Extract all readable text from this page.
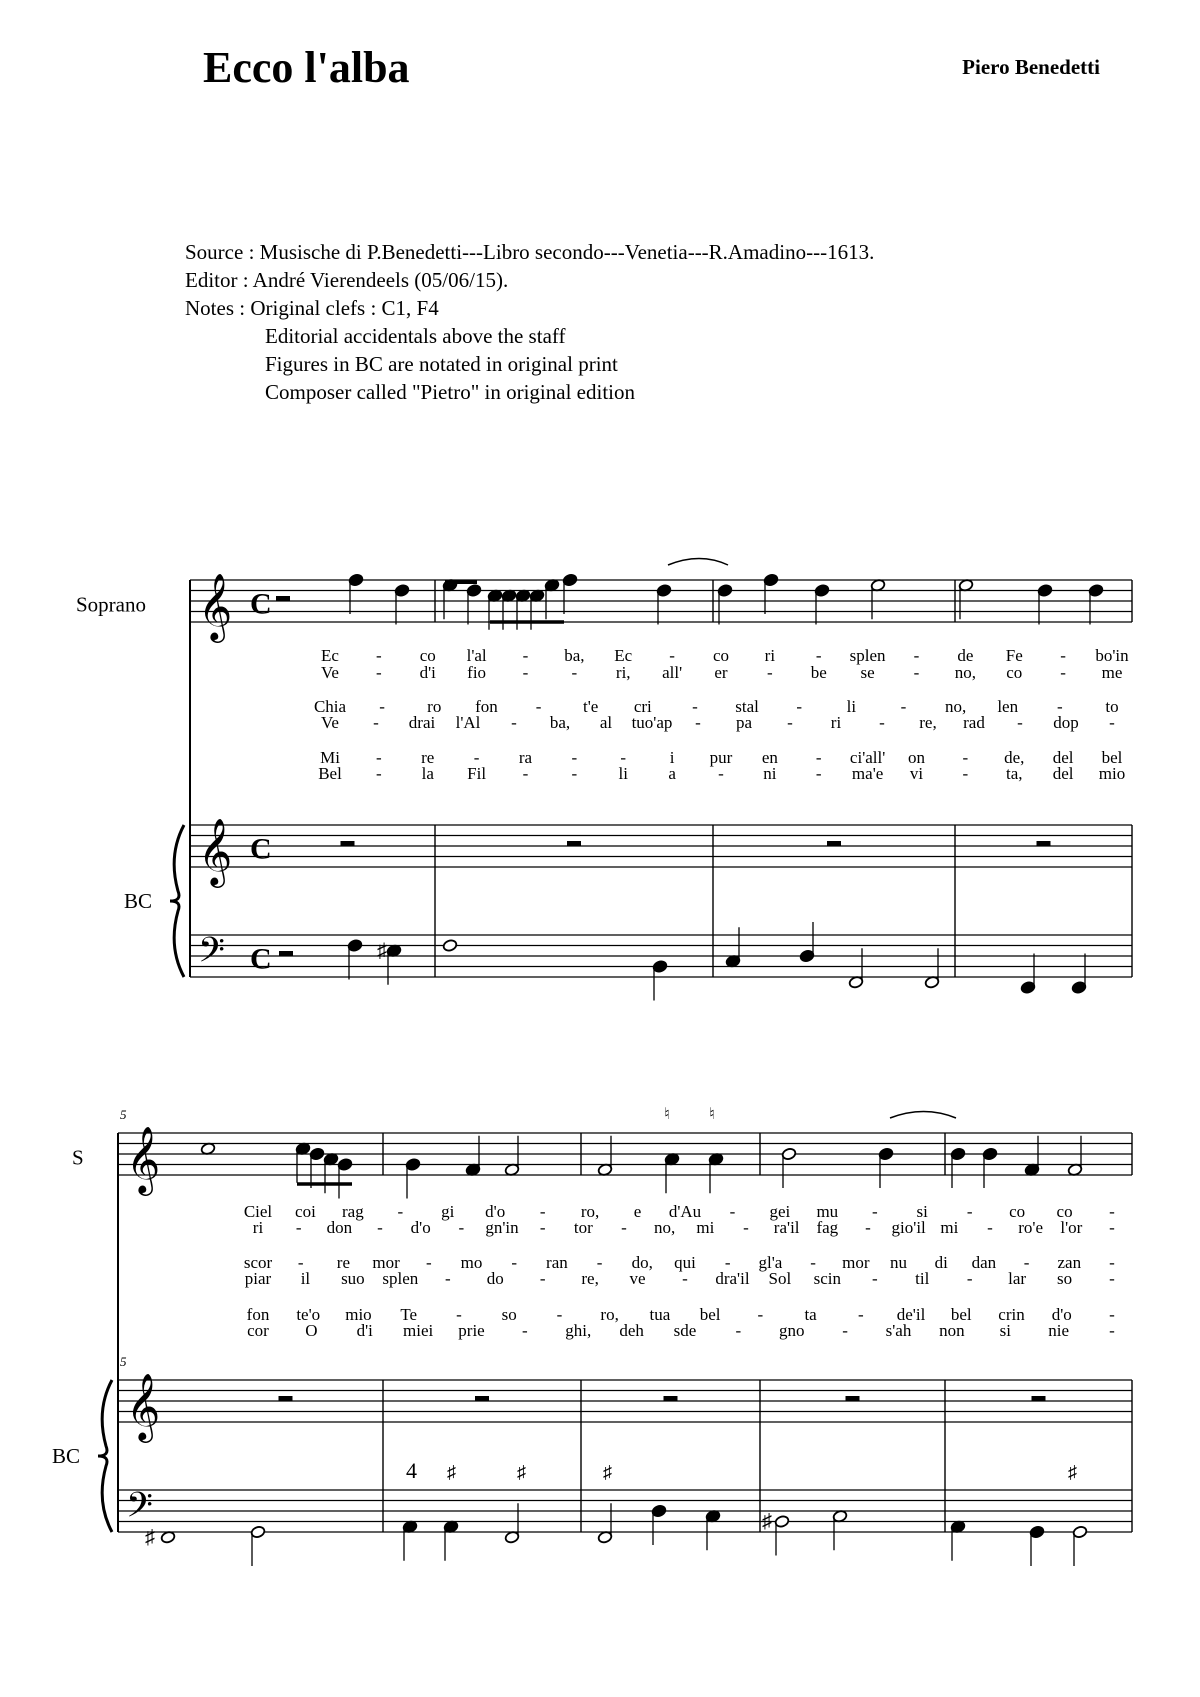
Ecco l'alba	Piero Benedetti
Source : Musische di P.Benedetti---Libro secondo---Venetia---R.Amadino---1613.
Editor : André Vierendeels (05/06/15).
Notes : Original clefs : C1, F4
Editorial accidentals above the staff
Figures in BC are notated in original print
Composer called "Pietro" in original edition
𝄞
𝄞
𝄢
C
C
C
Soprano
BC
♯
Ec - co l'al - ba, Ec - co ri - splen - de Fe - bo'in
Ve - d'i fio -	- ri, all' er - be se - no, co - me
Chia - ro fon - t'e cri - stal -	li	- no, len -	to
Ve - drai l'Al - ba, al tuo'ap - pa - ri - re, rad - dop -
Mi - re - ra -	-	i pur en - ci'all' on - de, del bel
Bel - la Fil -	- li a - ni - ma'e vi - ta, del mio
𝄞
𝄞
𝄢
S
BC
5
5
♯
♯
4 ♯	♯	♯	♯
♮ ♮
Ciel coi rag - gi d'o - ro, e d'Au - gei mu - si - co co -
ri - don - d'o - gn'in - tor - no, mi - ra'il fag - gio'il mi - ro'e l'or -
scor - re mor - mo - ran - do, qui - gl'a - mor nu di dan - zan -
piar il suo splen - do - re, ve - dra'il Sol scin - til - lar so -
fon te'o mio Te - so - ro, tua bel - ta - de'il bel crin d'o -
cor O d'i miei prie - ghi, deh sde - gno - s'ah non si nie -
